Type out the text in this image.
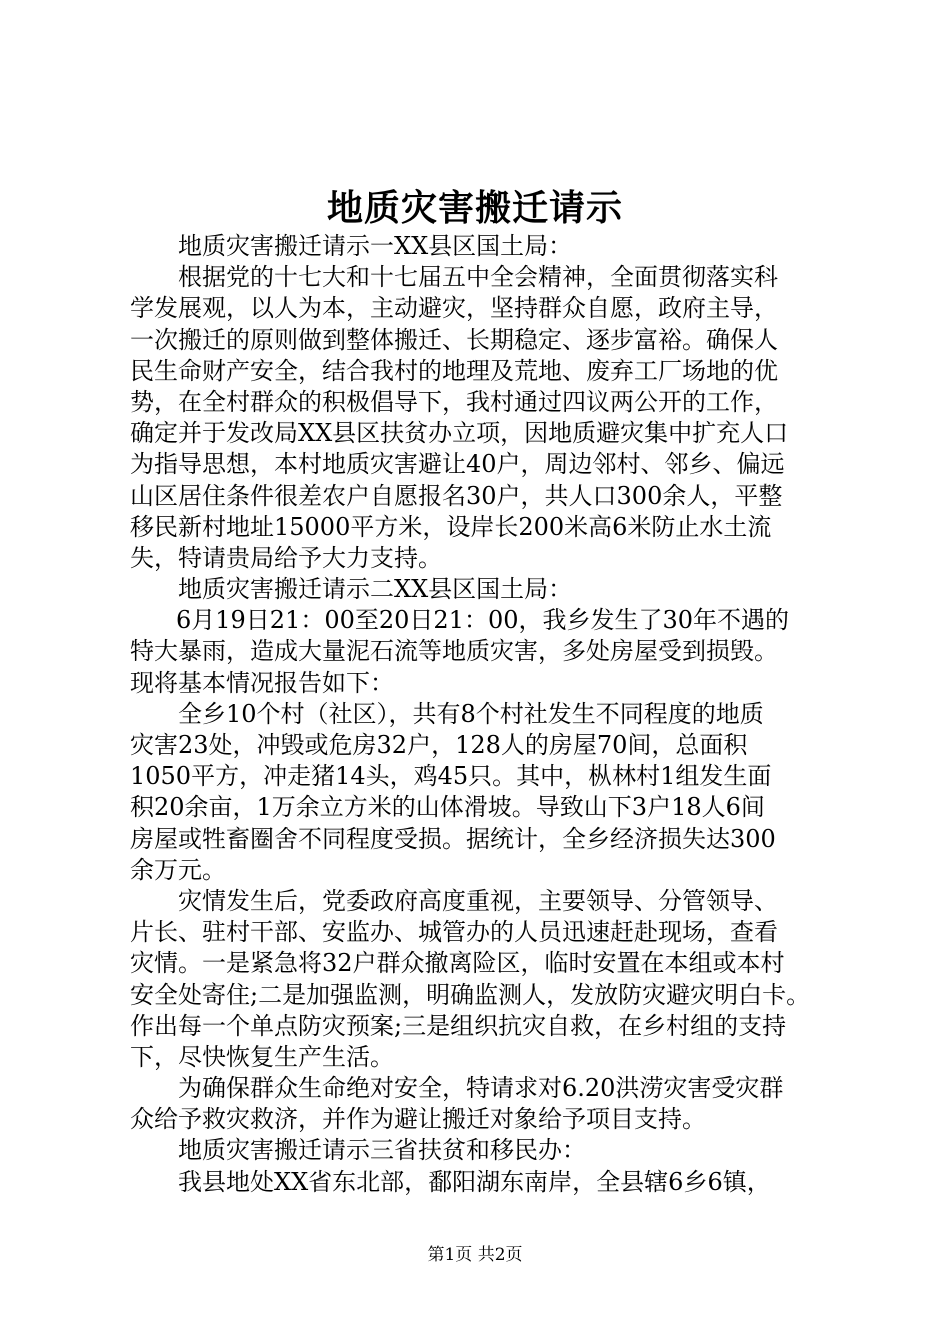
地质灾害搬迁请示
地质灾害搬迁请示一XX县区国土局：
根据党的十七大和十七届五中全会精神，全面贯彻落实科
学发展观，以人为本，主动避灾，坚持群众自愿，政府主导，
一次搬迁的原则做到整体搬迁、长期稳定、逐步富裕。确保人
民生命财产安全，结合我村的地理及荒地、废弃工厂场地的优
势，在全村群众的积极倡导下，我村通过四议两公开的工作，
确定并于发改局XX县区扶贫办立项，因地质避灾集中扩充人口
为指导思想，本村地质灾害避让40户，周边邻村、邻乡、偏远
山区居住条件很差农户自愿报名30户，共人口300余人，平整
移民新村地址15000平方米，设岸长200米高6米防止水土流
失，特请贵局给予大力支持。
地质灾害搬迁请示二XX县区国土局：
6月19日21：00至20日21：00，我乡发生了30年不遇的
特大暴雨，造成大量泥石流等地质灾害，多处房屋受到损毁。
现将基本情况报告如下：
全乡10个村（社区），共有8个村社发生不同程度的地质
灾害23处，冲毁或危房32户，128人的房屋70间，总面积
1050平方，冲走猪14头，鸡45只。其中，枞林村1组发生面
积20余亩，1万余立方米的山体滑坡。导致山下3户18人6间
房屋或牲畜圈舍不同程度受损。据统计，全乡经济损失达300
余万元。
灾情发生后，党委政府高度重视，主要领导、分管领导、
片长、驻村干部、安监办、城管办的人员迅速赶赴现场，查看
灾情。一是紧急将32户群众撤离险区，临时安置在本组或本村
安全处寄住;二是加强监测，明确监测人，发放防灾避灾明白卡。
作出每一个单点防灾预案;三是组织抗灾自救，在乡村组的支持
下，尽快恢复生产生活。
为确保群众生命绝对安全，特请求对6.20洪涝灾害受灾群
众给予救灾救济，并作为避让搬迁对象给予项目支持。
地质灾害搬迁请示三省扶贫和移民办：
我县地处XX省东北部，鄱阳湖东南岸，全县辖6乡6镇，
第1页 共2页
